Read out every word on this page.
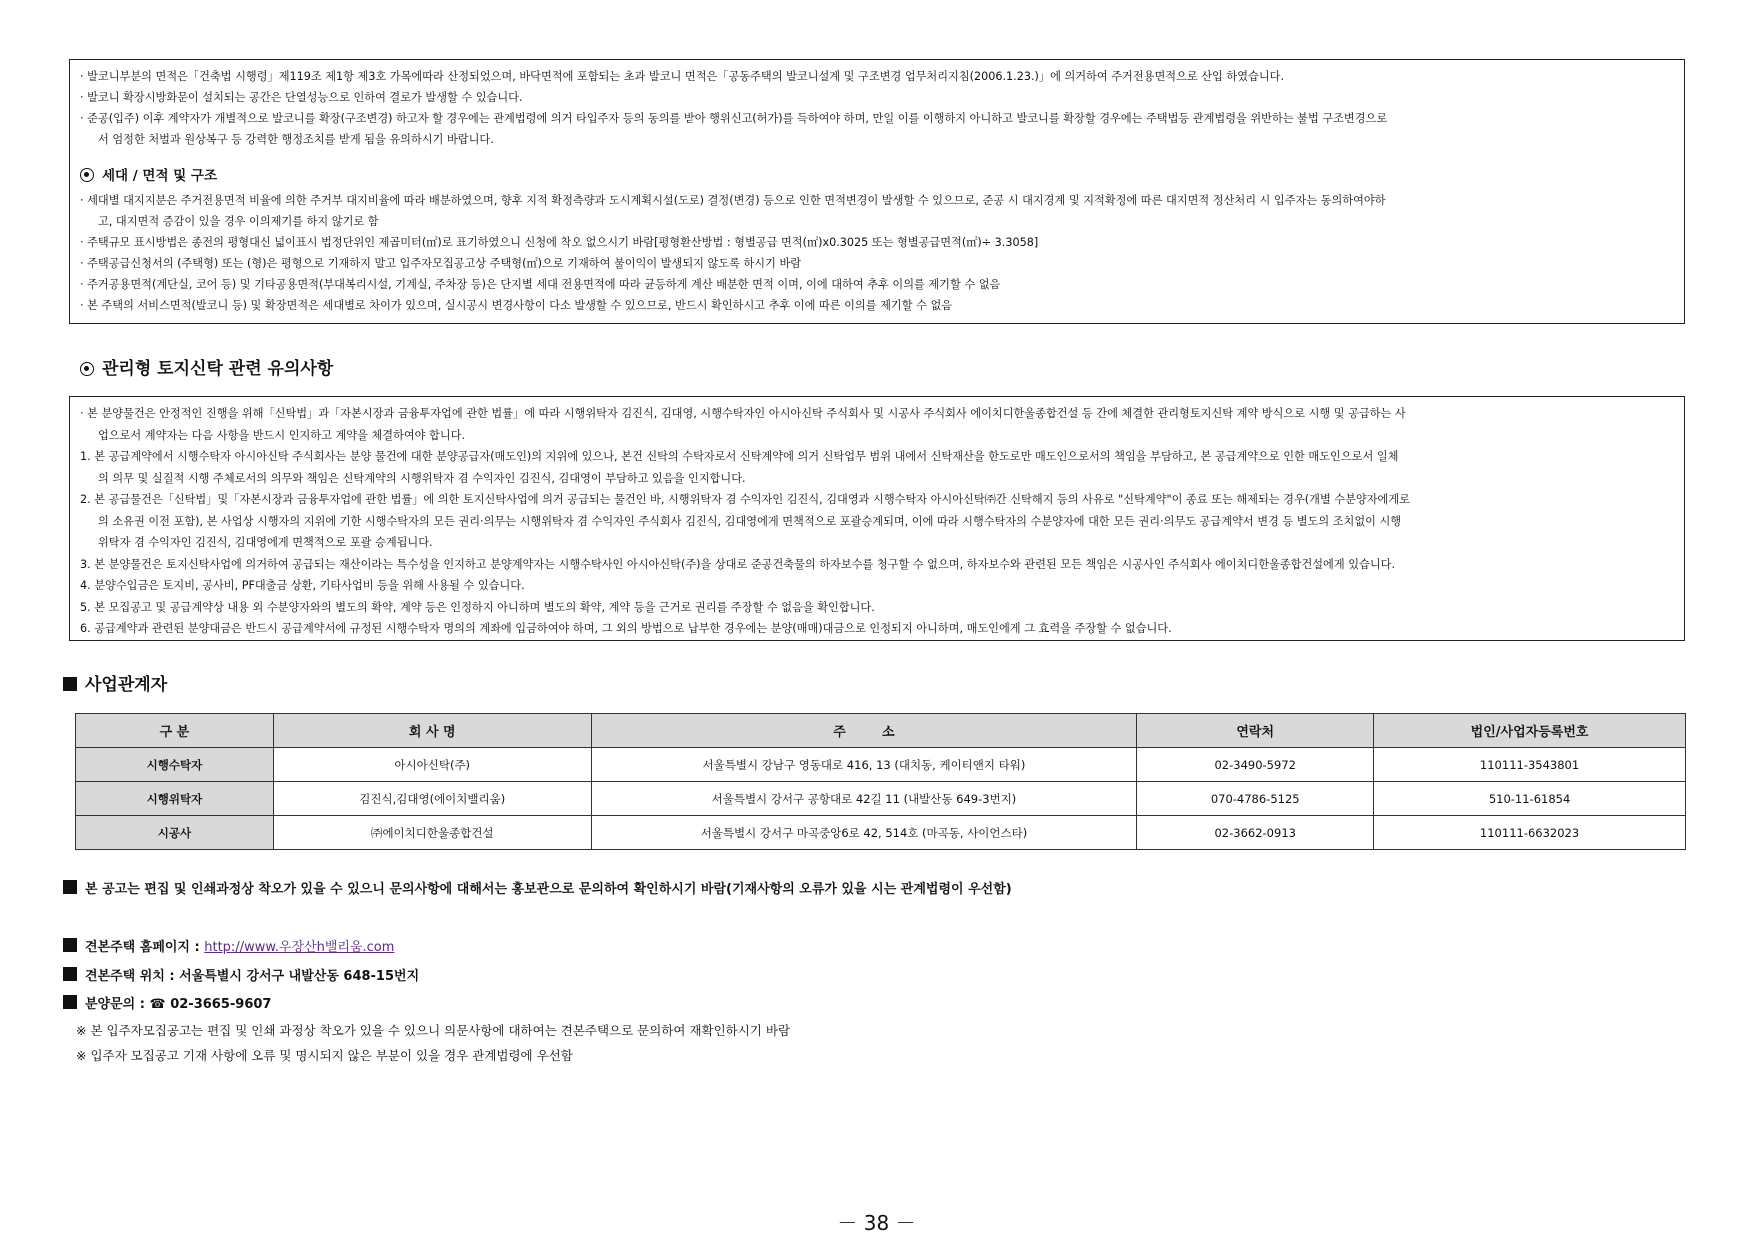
· 발코니부분의 면적은「건축법 시행령」제119조 제1항 제3호 가목에따라 산정되었으며, 바닥면적에 포함되는 초과 발코니 면적은「공동주택의 발코니설계 및 구조변경 업무처리지침(2006.1.23.)」에 의거하여 주거전용면적으로 산입 하였습니다.
· 발코니 확장시방화문이 설치되는 공간은 단열성능으로 인하여 결로가 발생할 수 있습니다.
· 준공(입주) 이후 계약자가 개별적으로 발코니를 확장(구조변경) 하고자 할 경우에는 관계법령에 의거 타입주자 등의 동의를 받아 행위신고(허가)를 득하여야 하며, 만일 이를 이행하지 아니하고 발코니를 확장할 경우에는 주택법등 관계법령을 위반하는 불법 구조변경으로
서 엄정한 처벌과 원상복구 등 강력한 행정조치를 받게 됨을 유의하시기 바랍니다.
세대 / 면적 및 구조
· 세대별 대지지분은 주거전용면적 비율에 의한 주거부 대지비율에 따라 배분하였으며, 향후 지적 확정측량과 도시계획시설(도로) 결정(변경) 등으로 인한 면적변경이 발생할 수 있으므로, 준공 시 대지경계 및 지적확정에 따른 대지면적 정산처리 시 입주자는 동의하여야하
고, 대지면적 증감이 있을 경우 이의제기를 하지 않기로 함
· 주택규모 표시방법은 종전의 평형대신 넓이표시 법정단위인 제곱미터(㎡)로 표기하였으니 신청에 착오 없으시기 바람[평형환산방법 : 형별공급 면적(㎡)x0.3025 또는 형별공급면적(㎡)÷ 3.3058]
· 주택공급신청서의 (주택형) 또는 (형)은 평형으로 기재하지 말고 입주자모집공고상 주택형(㎡)으로 기재하여 불이익이 발생되지 않도록 하시기 바람
· 주거공용면적(계단실, 코어 등) 및 기타공용면적(부대복리시설, 기계실, 주차장 등)은 단지별 세대 전용면적에 따라 균등하게 계산 배분한 면적 이며, 이에 대하여 추후 이의를 제기할 수 없음
· 본 주택의 서비스면적(발코니 등) 및 확장면적은 세대별로 차이가 있으며, 실시공시 변경사항이 다소 발생할 수 있으므로, 반드시 확인하시고 추후 이에 따른 이의를 제기할 수 없음
관리형 토지신탁 관련 유의사항
· 본 분양물건은 안정적인 진행을 위해「신탁법」과「자본시장과 금융투자업에 관한 법률」에 따라 시행위탁자 김진식, 김대영, 시행수탁자인 아시아신탁 주식회사 및 시공사 주식회사 에이치디한울종합건설 등 간에 체결한 관리형토지신탁 계약 방식으로 시행 및 공급하는 사
업으로서 계약자는 다음 사항을 반드시 인지하고 계약을 체결하여야 합니다.
1. 본 공급계약에서 시행수탁자 아시아신탁 주식회사는 분양 물건에 대한 분양공급자(매도인)의 지위에 있으나, 본건 신탁의 수탁자로서 신탁계약에 의거 신탁업무 범위 내에서 신탁재산을 한도로만 매도인으로서의 책임을 부담하고, 본 공급계약으로 인한 매도인으로서 일체
의 의무 및 실질적 시행 주체로서의 의무와 책임은 신탁계약의 시행위탁자 겸 수익자인 김진식, 김대영이 부담하고 있음을 인지합니다.
2. 본 공급물건은「신탁법」및「자본시장과 금융투자업에 관한 법률」에 의한 토지신탁사업에 의거 공급되는 물건인 바, 시행위탁자 겸 수익자인 김진식, 김대영과 시행수탁자 아시아신탁㈜간 신탁해지 등의 사유로 "신탁계약"이 종료 또는 해제되는 경우(개별 수분양자에게로
의 소유권 이전 포함), 본 사업상 시행자의 지위에 기한 시행수탁자의 모든 권리·의무는 시행위탁자 겸 수익자인 주식회사 김진식, 김대영에게 면책적으로 포괄승계되며, 이에 따라 시행수탁자의 수분양자에 대한 모든 권리·의무도 공급계약서 변경 등 별도의 조치없이 시행
위탁자 겸 수익자인 김진식, 김대영에게 면책적으로 포괄 승계됩니다.
3. 본 분양물건은 토지신탁사업에 의거하여 공급되는 재산이라는 특수성을 인지하고 분양계약자는 시행수탁사인 아시아신탁(주)을 상대로 준공건축물의 하자보수를 청구할 수 없으며, 하자보수와 관련된 모든 책임은 시공사인 주식회사 에이치디한울종합건설에게 있습니다.
4. 분양수입금은 토지비, 공사비, PF대출금 상환, 기타사업비 등을 위해 사용될 수 있습니다.
5. 본 모집공고 및 공급계약상 내용 외 수분양자와의 별도의 확약, 계약 등은 인정하지 아니하며 별도의 확약, 계약 등을 근거로 권리를 주장할 수 없음을 확인합니다.
6. 공급계약과 관련된 분양대금은 반드시 공급계약서에 규정된 시행수탁자 명의의 계좌에 입금하여야 하며, 그 외의 방법으로 납부한 경우에는 분양(매매)대금으로 인정되지 아니하며, 매도인에게 그 효력을 주장할 수 없습니다.
사업관계자
구 분	회 사 명	주        소	연락처	법인/사업자등록번호
시행수탁자	아시아신탁(주)	서울특별시 강남구 영동대로 416, 13 (대치동, 케이티앤지 타워)	02-3490-5972	110111-3543801
시행위탁자	김진식,김대영(에이치밸리움)	서울특별시 강서구 공항대로 42길 11 (내발산동 649-3번지)	070-4786-5125	510-11-61854
시공사	㈜에이치디한울종합건설	서울특별시 강서구 마곡중앙6로 42, 514호 (마곡동, 사이언스타)	02-3662-0913	110111-6632023
본 공고는 편집 및 인쇄과정상 착오가 있을 수 있으니 문의사항에 대해서는 홍보관으로 문의하여 확인하시기 바람(기재사항의 오류가 있을 시는 관계법령이 우선함)
견본주택 홈페이지 : http://www.우장산h밸리움.com
견본주택 위치 : 서울특별시 강서구 내발산동 648-15번지
분양문의 : ☎ 02-3665-9607
※ 본 입주자모집공고는 편집 및 인쇄 과정상 착오가 있을 수 있으니 의문사항에 대하여는 견본주택으로 문의하여 재확인하시기 바람
※ 입주자 모집공고 기재 사항에 오류 및 명시되지 않은 부분이 있을 경우 관계법령에 우선함
－ 38 －
